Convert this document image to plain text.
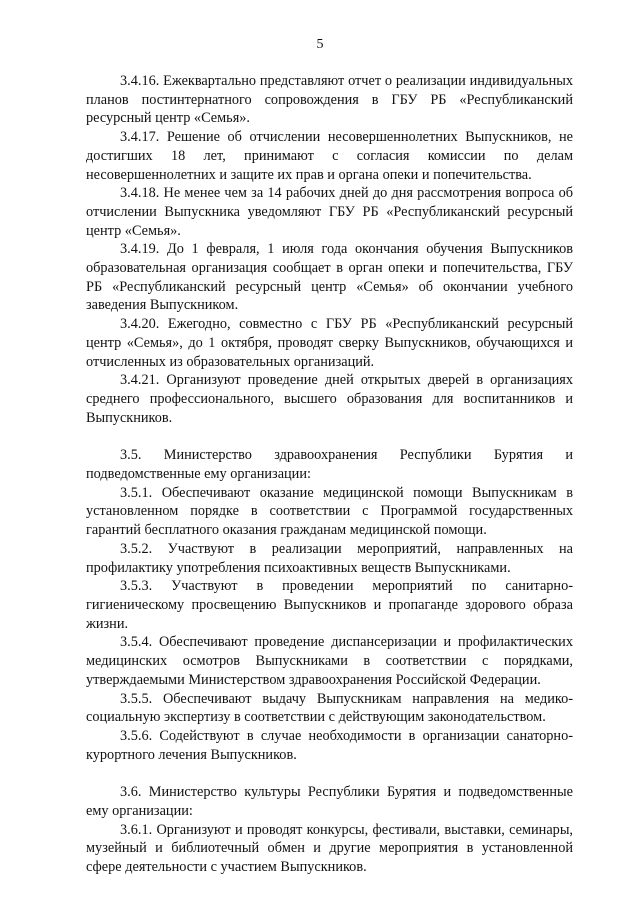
5

3.4.16. Ежеквартально представляют отчет о реализации индивидуальных планов постинтернатного сопровождения в ГБУ РБ «Республиканский ресурсный центр «Семья».

3.4.17. Решение об отчислении несовершеннолетних Выпускников, не достигших 18 лет, принимают с согласия комиссии по делам несовершеннолетних и защите их прав и органа опеки и попечительства.

3.4.18. Не менее чем за 14 рабочих дней до дня рассмотрения вопроса об отчислении Выпускника уведомляют ГБУ РБ «Республиканский ресурсный центр «Семья».

3.4.19. До 1 февраля, 1 июля года окончания обучения Выпускников образовательная организация сообщает в орган опеки и попечительства, ГБУ РБ «Республиканский ресурсный центр «Семья» об окончании учебного заведения Выпускником.

3.4.20. Ежегодно, совместно с ГБУ РБ «Республиканский ресурсный центр «Семья», до 1 октября, проводят сверку Выпускников, обучающихся и отчисленных из образовательных организаций.

3.4.21. Организуют проведение дней открытых дверей в организациях среднего профессионального, высшего образования для воспитанников и Выпускников.

3.5. Министерство здравоохранения Республики Бурятия и подведомственные ему организации:

3.5.1. Обеспечивают оказание медицинской помощи Выпускникам в установленном порядке в соответствии с Программой государственных гарантий бесплатного оказания гражданам медицинской помощи.

3.5.2. Участвуют в реализации мероприятий, направленных на профилактику употребления психоактивных веществ Выпускниками.

3.5.3. Участвуют в проведении мероприятий по санитарно-гигиеническому просвещению Выпускников и пропаганде здорового образа жизни.

3.5.4. Обеспечивают проведение диспансеризации и профилактических медицинских осмотров Выпускниками в соответствии с порядками, утверждаемыми Министерством здравоохранения Российской Федерации.

3.5.5. Обеспечивают выдачу Выпускникам направления на медико-социальную экспертизу в соответствии с действующим законодательством.

3.5.6. Содействуют в случае необходимости в организации санаторно-курортного лечения Выпускников.

3.6. Министерство культуры Республики Бурятия и подведомственные ему организации:

3.6.1. Организуют и проводят конкурсы, фестивали, выставки, семинары, музейный и библиотечный обмен и другие мероприятия в установленной сфере деятельности с участием Выпускников.
